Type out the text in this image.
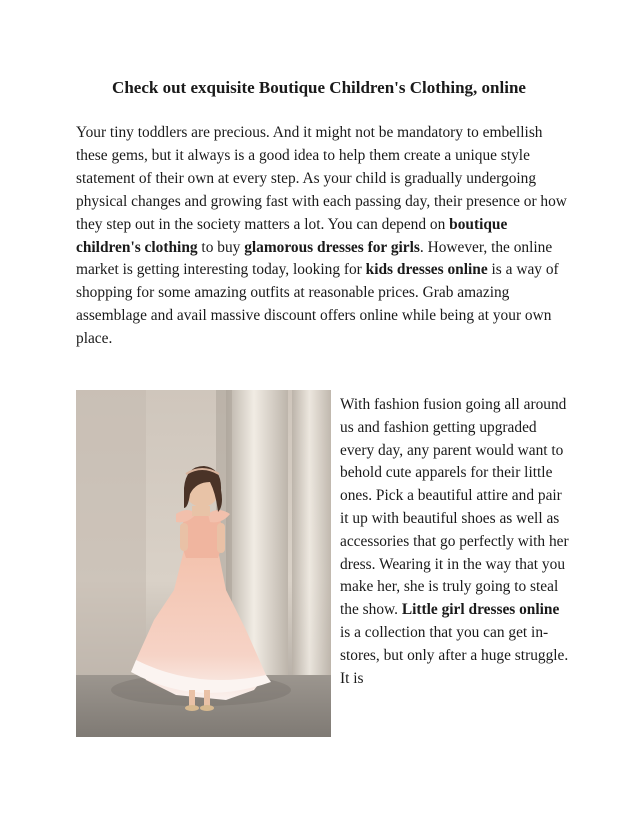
Check out exquisite Boutique Children's Clothing, online

Your tiny toddlers are precious. And it might not be mandatory to embellish these gems, but it always is a good idea to help them create a unique style statement of their own at every step. As your child is gradually undergoing physical changes and growing fast with each passing day, their presence or how they step out in the society matters a lot. You can depend on boutique children's clothing to buy glamorous dresses for girls. However, the online market is getting interesting today, looking for kids dresses online is a way of shopping for some amazing outfits at reasonable prices. Grab amazing assemblage and avail massive discount offers online while being at your own place.

With fashion fusion going all around us and fashion getting upgraded every day, any parent would want to behold cute apparels for their little ones. Pick a beautiful attire and pair it up with beautiful shoes as well as accessories that go perfectly with her dress. Wearing it in the way that you make her, she is truly going to steal the show. Little girl dresses online is a collection that you can get in-stores, but only after a huge struggle. It is
